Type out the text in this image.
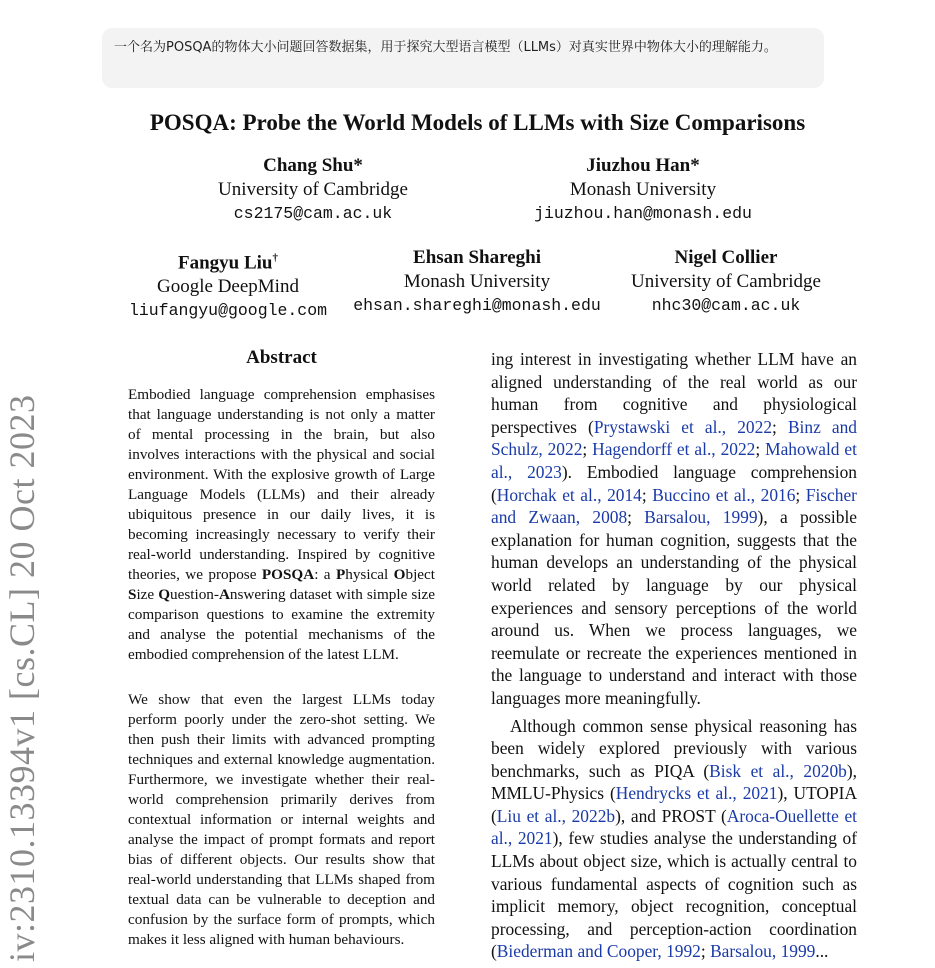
一个名为POSQA的物体大小问题回答数据集，用于探究大型语言模型（LLMs）对真实世界中物体大小的理解能力。
POSQA: Probe the World Models of LLMs with Size Comparisons
Chang Shu*
University of Cambridge
cs2175@cam.ac.uk
Jiuzhou Han*
Monash University
jiuzhou.han@monash.edu
Fangyu Liu†
Google DeepMind
liufangyu@google.com
Ehsan Shareghi
Monash University
ehsan.shareghi@monash.edu
Nigel Collier
University of Cambridge
nhc30@cam.ac.uk
iv:2310.13394v1 [cs.CL] 20 Oct 2023
Abstract

Embodied language comprehension emphasises that language understanding is not only a matter of mental processing in the brain, but also involves interactions with the physical and social environment. With the explosive growth of Large Language Models (LLMs) and their already ubiquitous presence in our daily lives, it is becoming increasingly necessary to verify their real-world understanding. Inspired by cognitive theories, we propose POSQA: a Physical Object Size Question-Answering dataset with simple size comparison questions to examine the extremity and analyse the potential mechanisms of the embodied comprehension of the latest LLM.

We show that even the largest LLMs today perform poorly under the zero-shot setting. We then push their limits with advanced prompting techniques and external knowledge augmentation. Furthermore, we investigate whether their real-world comprehension primarily derives from contextual information or internal weights and analyse the impact of prompt formats and report bias of different objects. Our results show that real-world understanding that LLMs shaped from textual data can be vulnerable to deception and confusion by the surface form of prompts, which makes it less aligned with human behaviours.

ing interest in investigating whether LLM have an aligned understanding of the real world as our human from cognitive and physiological perspectives (Prystawski et al., 2022; Binz and Schulz, 2022; Hagendorff et al., 2022; Mahowald et al., 2023). Embodied language comprehension (Horchak et al., 2014; Buccino et al., 2016; Fischer and Zwaan, 2008; Barsalou, 1999), a possible explanation for human cognition, suggests that the human develops an understanding of the physical world related by language by our physical experiences and sensory perceptions of the world around us. When we process languages, we reemulate or recreate the experiences mentioned in the language to understand and interact with those languages more meaningfully.

Although common sense physical reasoning has been widely explored previously with various benchmarks, such as PIQA (Bisk et al., 2020b), MMLU-Physics (Hendrycks et al., 2021), UTOPIA (Liu et al., 2022b), and PROST (Aroca-Ouellette et al., 2021), few studies analyse the understanding of LLMs about object size, which is actually central to various fundamental aspects of cognition such as implicit memory, object recognition, conceptual processing, and perception-action coordination (Biederman and Cooper, 1992; Barsalou, 1999...
